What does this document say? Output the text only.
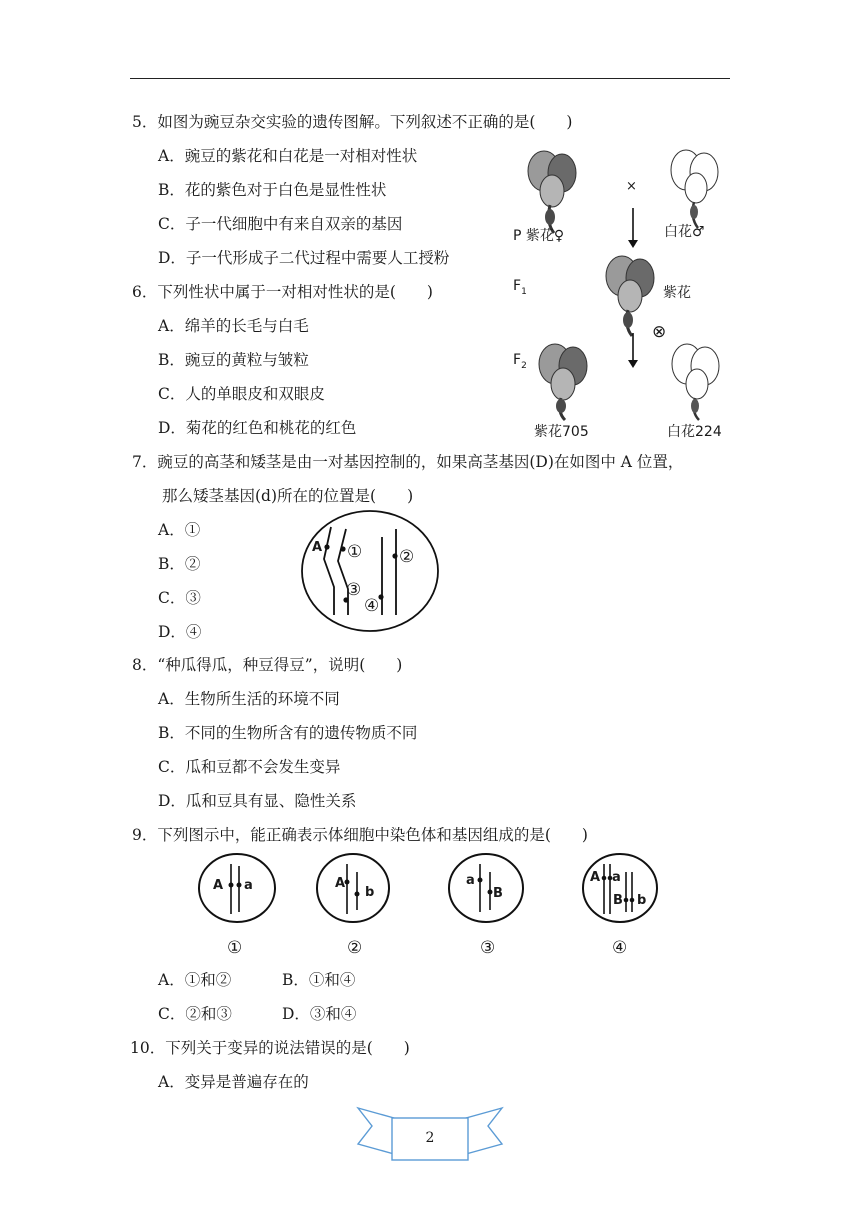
5．如图为豌豆杂交实验的遗传图解。下列叙述不正确的是(　　)
A．豌豆的紫花和白花是一对相对性状
B．花的紫色对于白色是显性性状
C．子一代细胞中有来自双亲的基因
D．子一代形成子二代过程中需要人工授粉
6．下列性状中属于一对相对性状的是(　　)
A．绵羊的长毛与白毛
B．豌豆的黄粒与皱粒
C．人的单眼皮和双眼皮
D．菊花的红色和桃花的红色
7．豌豆的高茎和矮茎是由一对基因控制的，如果高茎基因(D)在如图中 A 位置，
那么矮茎基因(d)所在的位置是(　　)
A．①
B．②
C．③
D．④
8．“种瓜得瓜，种豆得豆”，说明(　　)
A．生物所生活的环境不同
B．不同的生物所含有的遗传物质不同
C．瓜和豆都不会发生变异
D．瓜和豆具有显、隐性关系
9．下列图示中，能正确表示体细胞中染色体和基因组成的是(　　)
A．①和②	B．①和④
C．②和③	D．③和④
10．下列关于变异的说法错误的是(　　)
A．变异是普遍存在的
P 紫花♀
×
白花♂
$F_1$	紫花
⊗
$F_2$
紫花705	白花224
A ① ②
③
④
A a	A
b
a
B
A a
B b
①	②	③	④
2
